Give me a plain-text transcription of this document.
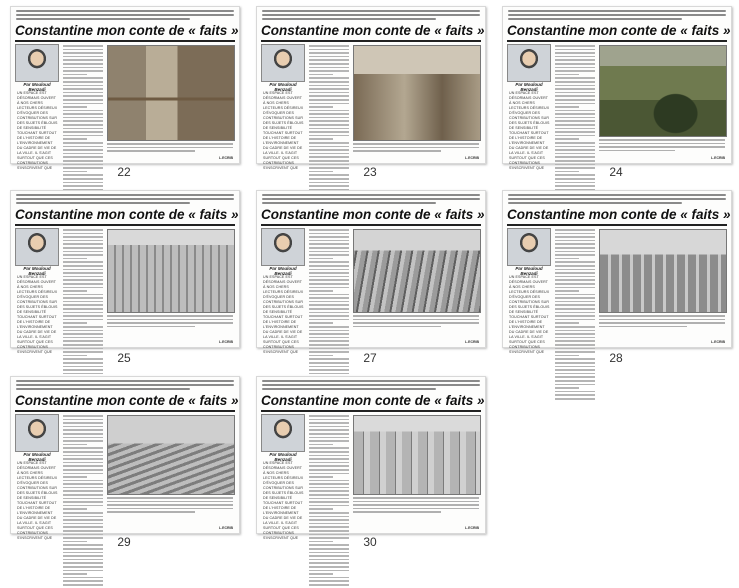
Constantine mon conte de « faits »
Par Mouloud Benzadi
UN ESPACE EST DÉSORMAIS OUVERT À NOS CHERS LECTEURS DÉSIREUX D'ÉVOQUER DES CONTRIBUTIONS SUR DES SUJETS ÉBLOUIS DE SENSIBILITÉ TOUCHANT SURTOUT DE L'HISTOIRE DE L'ENVIRONNEMENT DU CADRE DE VIE DE LA VILLE. IL S'AGIT SURTOUT QUE CES CONTRIBUTIONS S'INSCRIVENT QUE
L.ECRIB
22
Constantine mon conte de « faits »
Par Mouloud Benzadi
UN ESPACE EST DÉSORMAIS OUVERT À NOS CHERS LECTEURS DÉSIREUX D'ÉVOQUER DES CONTRIBUTIONS SUR DES SUJETS ÉBLOUIS DE SENSIBILITÉ TOUCHANT SURTOUT DE L'HISTOIRE DE L'ENVIRONNEMENT DU CADRE DE VIE DE LA VILLE. IL S'AGIT SURTOUT QUE CES CONTRIBUTIONS S'INSCRIVENT QUE
L.ECRIB
23
Constantine mon conte de « faits »
Par Mouloud Benzadi
UN ESPACE EST DÉSORMAIS OUVERT À NOS CHERS LECTEURS DÉSIREUX D'ÉVOQUER DES CONTRIBUTIONS SUR DES SUJETS ÉBLOUIS DE SENSIBILITÉ TOUCHANT SURTOUT DE L'HISTOIRE DE L'ENVIRONNEMENT DU CADRE DE VIE DE LA VILLE. IL S'AGIT SURTOUT QUE CES CONTRIBUTIONS S'INSCRIVENT QUE
L.ECRIB
24
Constantine mon conte de « faits »
Par Mouloud Benzadi
UN ESPACE EST DÉSORMAIS OUVERT À NOS CHERS LECTEURS DÉSIREUX D'ÉVOQUER DES CONTRIBUTIONS SUR DES SUJETS ÉBLOUIS DE SENSIBILITÉ TOUCHANT SURTOUT DE L'HISTOIRE DE L'ENVIRONNEMENT DU CADRE DE VIE DE LA VILLE. IL S'AGIT SURTOUT QUE CES CONTRIBUTIONS S'INSCRIVENT QUE
L.ECRIB
25
Constantine mon conte de « faits »
Par Mouloud Benzadi
UN ESPACE EST DÉSORMAIS OUVERT À NOS CHERS LECTEURS DÉSIREUX D'ÉVOQUER DES CONTRIBUTIONS SUR DES SUJETS ÉBLOUIS DE SENSIBILITÉ TOUCHANT SURTOUT DE L'HISTOIRE DE L'ENVIRONNEMENT DU CADRE DE VIE DE LA VILLE. IL S'AGIT SURTOUT QUE CES CONTRIBUTIONS S'INSCRIVENT QUE
L.ECRIB
27
Constantine mon conte de « faits »
Par Mouloud Benzadi
UN ESPACE EST DÉSORMAIS OUVERT À NOS CHERS LECTEURS DÉSIREUX D'ÉVOQUER DES CONTRIBUTIONS SUR DES SUJETS ÉBLOUIS DE SENSIBILITÉ TOUCHANT SURTOUT DE L'HISTOIRE DE L'ENVIRONNEMENT DU CADRE DE VIE DE LA VILLE. IL S'AGIT SURTOUT QUE CES CONTRIBUTIONS S'INSCRIVENT QUE
L.ECRIB
28
Constantine mon conte de « faits »
Par Mouloud Benzadi
UN ESPACE EST DÉSORMAIS OUVERT À NOS CHERS LECTEURS DÉSIREUX D'ÉVOQUER DES CONTRIBUTIONS SUR DES SUJETS ÉBLOUIS DE SENSIBILITÉ TOUCHANT SURTOUT DE L'HISTOIRE DE L'ENVIRONNEMENT DU CADRE DE VIE DE LA VILLE. IL S'AGIT SURTOUT QUE CES CONTRIBUTIONS S'INSCRIVENT QUE
L.ECRIB
29
Constantine mon conte de « faits »
Par Mouloud Benzadi
UN ESPACE EST DÉSORMAIS OUVERT À NOS CHERS LECTEURS DÉSIREUX D'ÉVOQUER DES CONTRIBUTIONS SUR DES SUJETS ÉBLOUIS DE SENSIBILITÉ TOUCHANT SURTOUT DE L'HISTOIRE DE L'ENVIRONNEMENT DU CADRE DE VIE DE LA VILLE. IL S'AGIT SURTOUT QUE CES CONTRIBUTIONS S'INSCRIVENT QUE
L.ECRIB
30
